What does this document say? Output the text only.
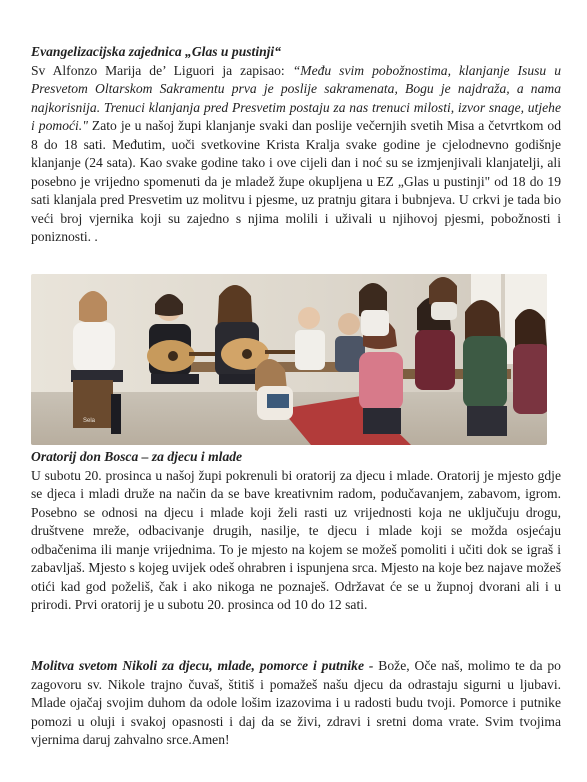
Evangelizacijska zajednica „Glas u pustinji“
Sv Alfonzo Marija de’ Liguori ja zapisao: “Među svim pobožnostima, klanjanje Isusu u Presvetom Oltarskom Sakramentu prva je poslije sakramenata, Bogu je najdraža, a nama najkorisnija. Trenuci klanjanja pred Presvetim postaju za nas trenuci milosti, izvor snage, utjehe i pomoći." Zato je u našoj župi klanjanje svaki dan poslije večernjih svetih Misa a četvrtkom od 8 do 18 sati. Međutim, uoči svetkovine Krista Kralja svake godine je cjelodnevno godišnje klanjanje (24 sata). Kao svake godine tako i ove cijeli dan i noć su se izmjenjivali klanjatelji, ali posebno je vrijedno spomenuti da je mladež župe okupljena u EZ „Glas u pustinji" od 18 do 19 sati klanjala pred Presvetim uz molitvu i pjesme, uz pratnju gitara i bubnjeva. U crkvi je tada bio veći broj vjernika koji su zajedno s njima molili i uživali u njihovoj pjesmi, pobožnosti i poniznosti. .

Sela

Oratorij don Bosca – za djecu i mlade
U subotu 20. prosinca u našoj župi pokrenuli bi oratorij za djecu i mlade. Oratorij je mjesto gdje se djeca i mladi druže na način da se bave kreativnim radom, podučavanjem, zabavom, igrom. Posebno se odnosi na djecu i mlade koji želi rasti uz vrijednosti koja ne uključuju drogu, društvene mreže, odbacivanje drugih, nasilje, te djecu i mlade koji se možda osjećaju odbačenima ili manje vrijednima. To je mjesto na kojem se možeš pomoliti i učiti dok se igraš i zabavljaš. Mjesto s kojeg uvijek odeš ohrabren i ispunjena srca. Mjesto na koje bez najave možeš otići kad god poželiš, čak i ako nikoga ne poznaješ. Održavat će se u župnoj dvorani ali i u prirodi. Prvi oratorij je u subotu 20. prosinca od 10 do 12 sati.

Molitva svetom Nikoli za djecu, mlade, pomorce i putnike - Bože, Oče naš, molimo te da po zagovoru sv. Nikole trajno čuvaš, štitiš i pomažeš našu djecu da odrastaju sigurni u ljubavi. Mlade ojačaj svojim duhom da odole lošim izazovima i u radosti budu tvoji. Pomorce i putnike pomozi u oluji i svakoj opasnosti i daj da se živi, zdravi i sretni doma vrate. Svim tvojima vjernima daruj zahvalno srce.Amen!
